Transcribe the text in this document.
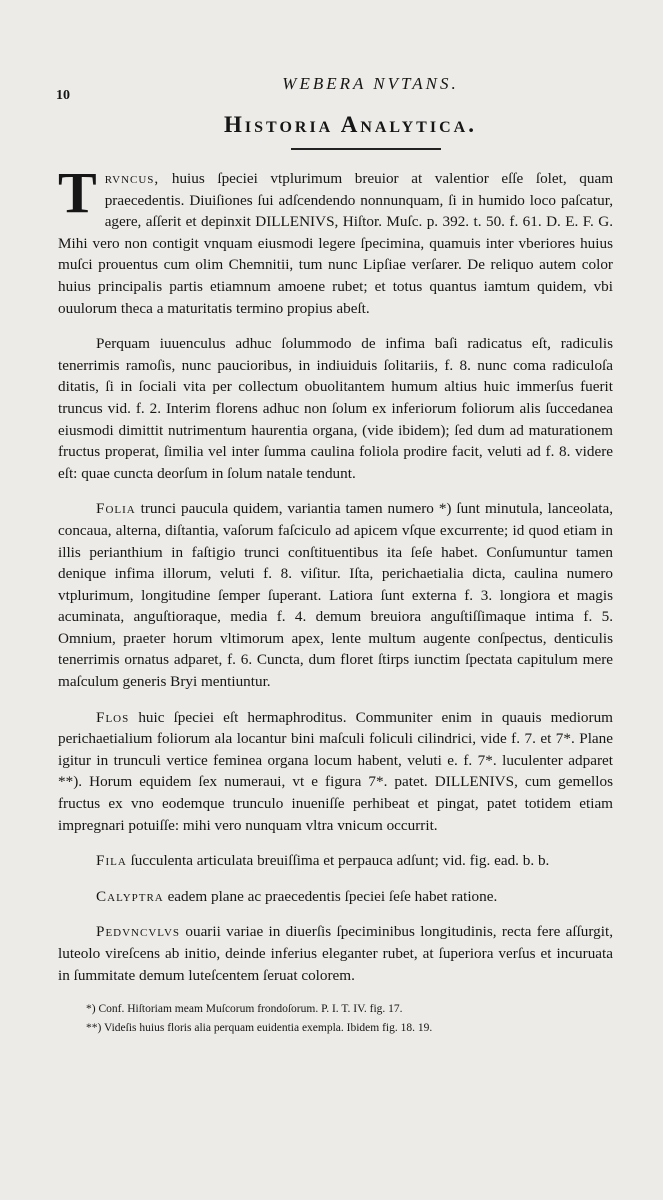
10
WEBERA NVTANS.
Historia Analytica.

T rvncus, huius ſpeciei vtplurimum breuior at valentior eſſe ſolet, quam praecedentis. Diuiſiones ſui adſcendendo nonnunquam, ſi in humido loco paſcatur, agere, aſſerit et depinxit DILLENIVS, Hiſtor. Muſc. p. 392. t. 50. f. 61. D. E. F. G. Mihi vero non contigit vnquam eiusmodi legere ſpecimina, quamuis inter vberiores huius muſci prouentus cum olim Chemnitii, tum nunc Lipſiae verſarer. De reliquo autem color huius principalis partis etiamnum amoene rubet; et totus quantus iamtum quidem, vbi ouulorum theca a maturitatis termino propius abeſt.

Perquam iuuenculus adhuc ſolummodo de infima baſi radicatus eſt, radiculis tenerrimis ramoſis, nunc paucioribus, in indiuiduis ſolitariis, f. 8. nunc coma radiculoſa ditatis, ſi in ſociali vita per collectum obuolitantem humum altius huic immerſus fuerit truncus vid. f. 2. Interim florens adhuc non ſolum ex inferiorum foliorum alis ſuccedanea eiusmodi dimittit nutrimentum haurentia organa, (vide ibidem); ſed dum ad maturationem fructus properat, ſimilia vel inter ſumma caulina foliola prodire facit, veluti ad f. 8. videre eſt: quae cuncta deorſum in ſolum natale tendunt.

Folia trunci paucula quidem, variantia tamen numero *) ſunt minutula, lanceolata, concaua, alterna, diſtantia, vaſorum faſciculo ad apicem vſque excurrente; id quod etiam in illis perianthium in faſtigio trunci conſtituentibus ita ſeſe habet. Conſumuntur tamen denique infima illorum, veluti f. 8. viſitur. Iſta, perichaetialia dicta, caulina numero vtplurimum, longitudine ſemper ſuperant. Latiora ſunt externa f. 3. longiora et magis acuminata, anguſtioraque, media f. 4. demum breuiora anguſtiſſimaque intima f. 5. Omnium, praeter horum vltimorum apex, lente multum augente conſpectus, denticulis tenerrimis ornatus adparet, f. 6. Cuncta, dum floret ſtirps iunctim ſpectata capitulum mere maſculum generis Bryi mentiuntur.

Flos huic ſpeciei eſt hermaphroditus. Communiter enim in quauis mediorum perichaetialium foliorum ala locantur bini maſculi foliculi cilindrici, vide f. 7. et 7*. Plane igitur in trunculi vertice feminea organa locum habent, veluti e. f. 7*. luculenter adparet **). Horum equidem ſex numeraui, vt e figura 7*. patet. DILLENIVS, cum gemellos fructus ex vno eodemque trunculo inueniſſe perhibeat et pingat, patet totidem etiam impregnari potuiſſe: mihi vero nunquam vltra vnicum occurrit.

Fila ſucculenta articulata breuiſſima et perpauca adſunt; vid. fig. ead. b. b.

Calyptra eadem plane ac praecedentis ſpeciei ſeſe habet ratione.

Pedvncvlvs ouarii variae in diuerſis ſpeciminibus longitudinis, recta fere aſſurgit, luteolo vireſcens ab initio, deinde inferius eleganter rubet, at ſuperiora verſus et incuruata in ſummitate demum luteſcentem ſeruat colorem.

*) Conf. Hiſtoriam meam Muſcorum frondoſorum. P. I. T. IV. fig. 17.
**) Videſis huius floris alia perquam euidentia exempla. Ibidem fig. 18. 19.
